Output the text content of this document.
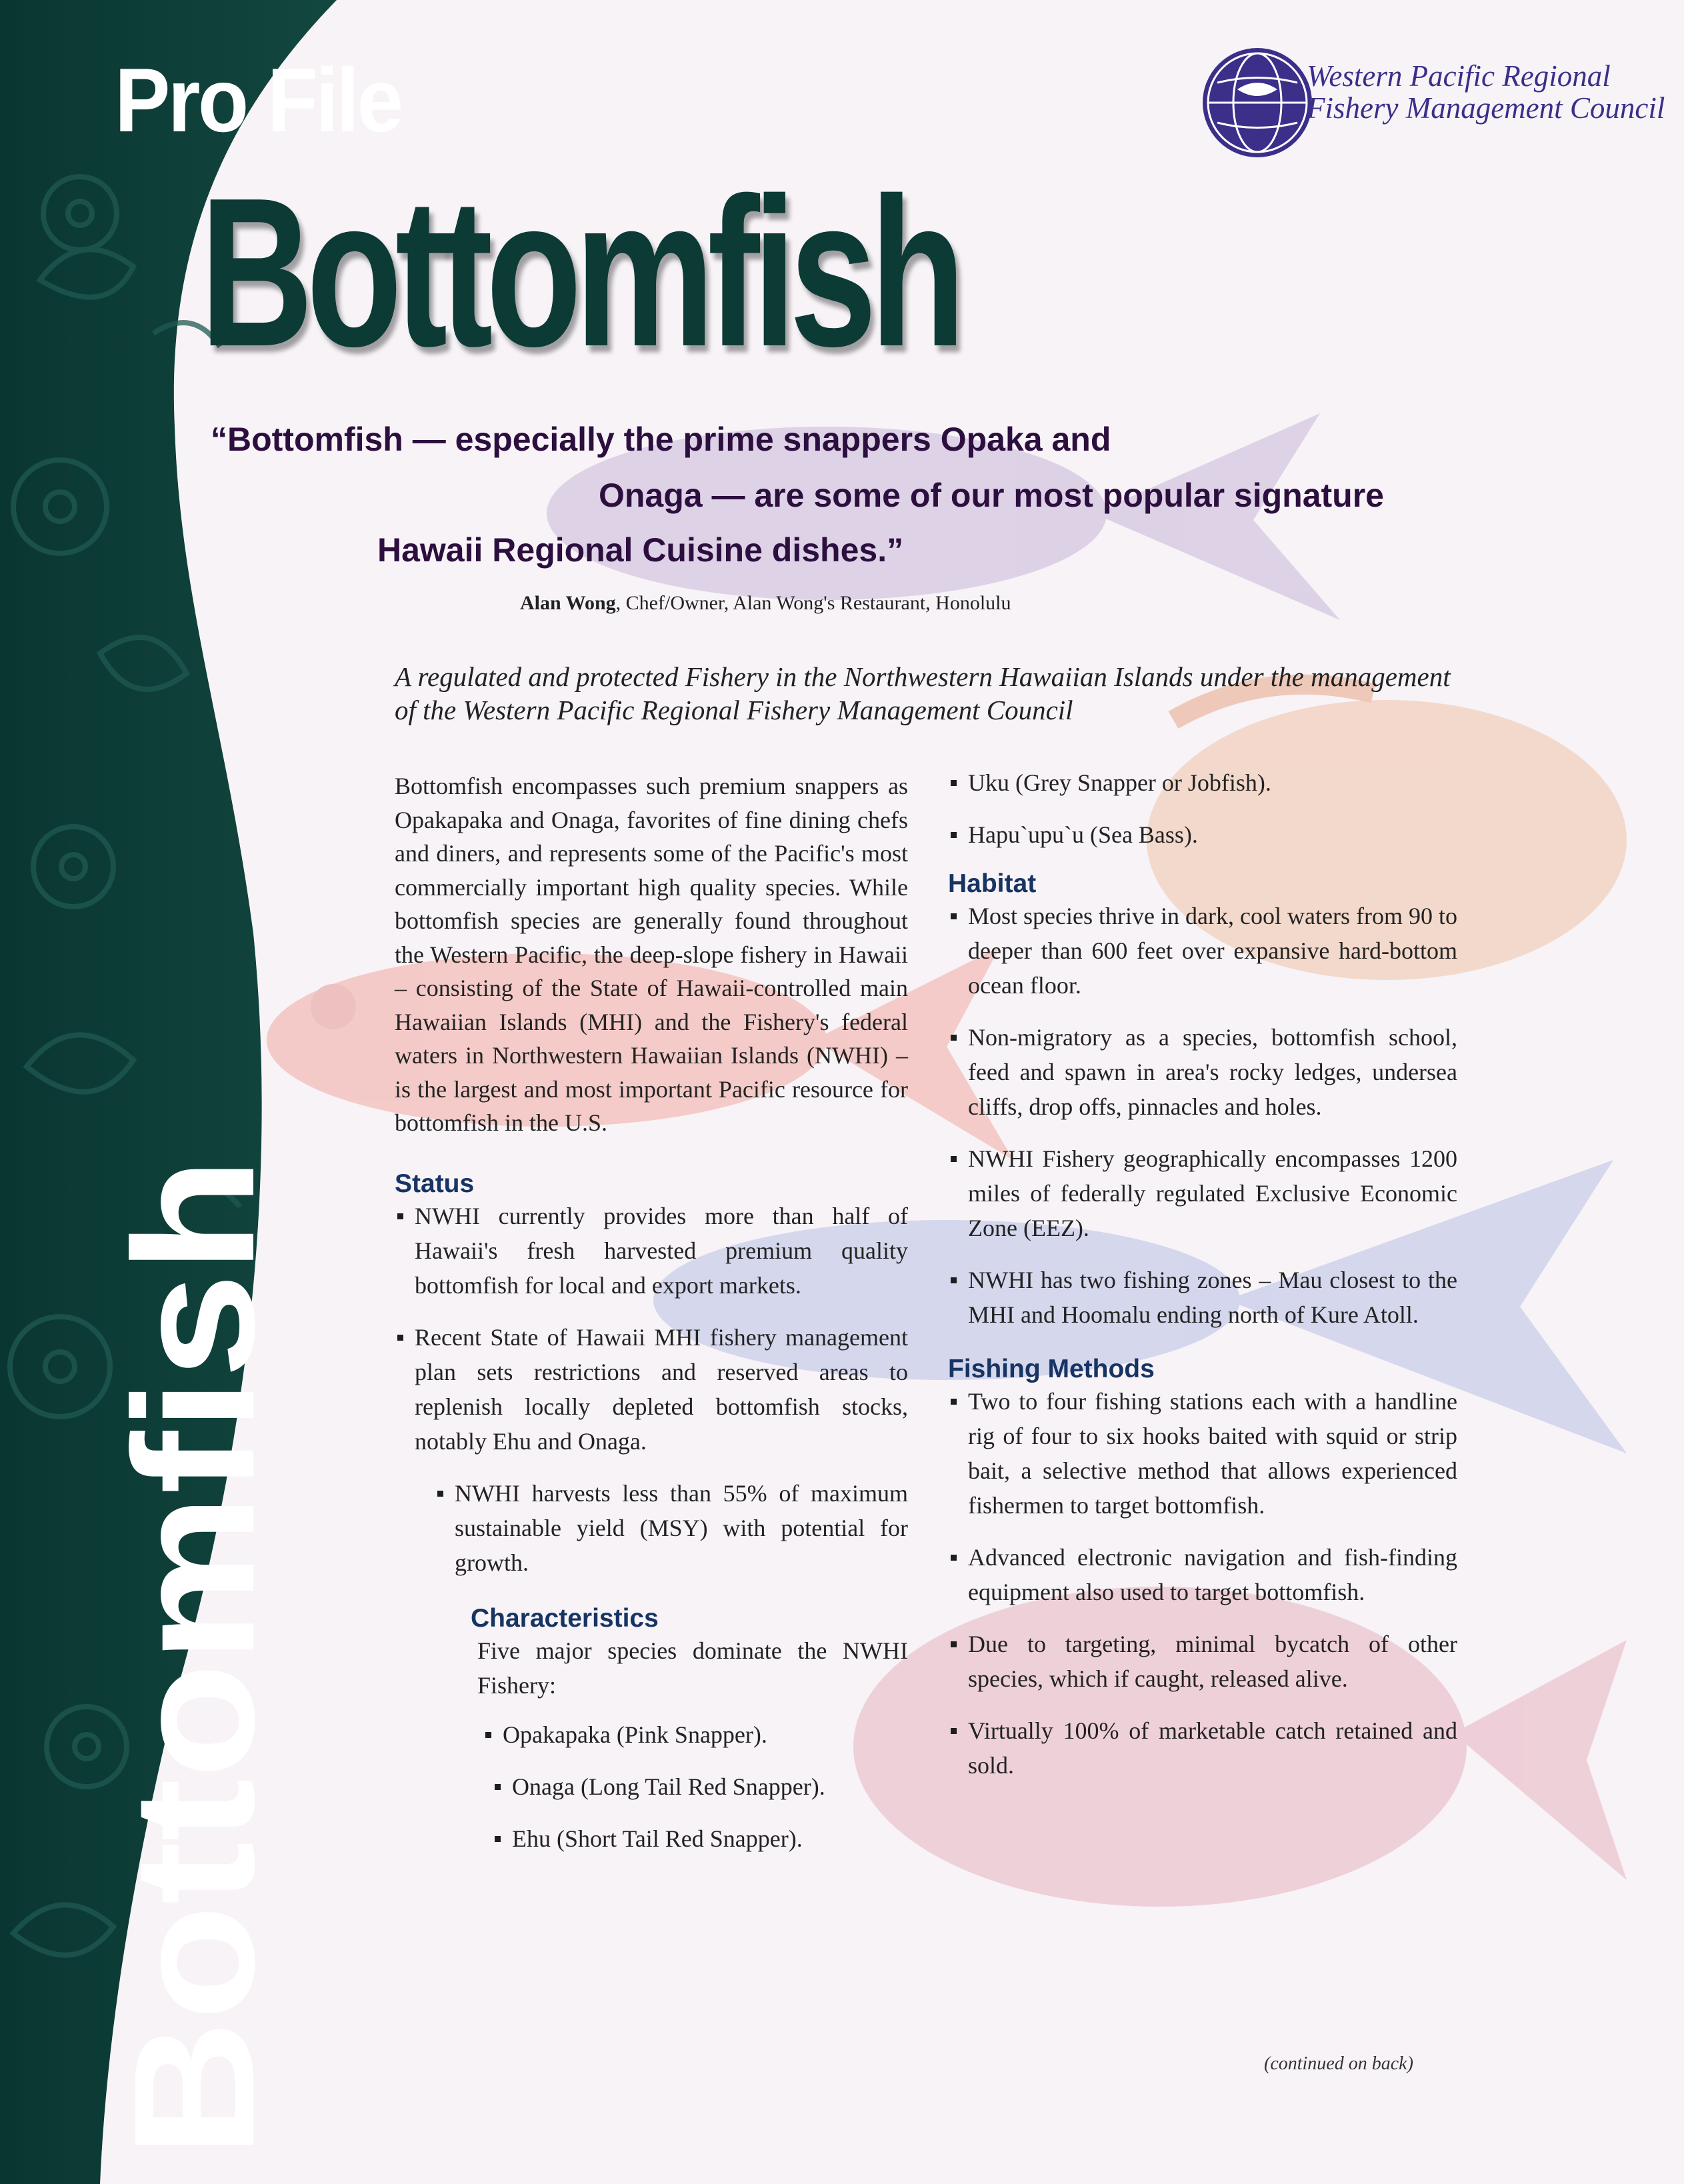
Bottomfish
Pro File
Bottomfish

Western Pacific Regional
Fishery Management Council

“Bottomfish — especially the prime snappers Opaka and

Onaga — are some of our most popular signature

Hawaii Regional Cuisine dishes.”

Alan Wong, Chef/Owner, Alan Wong's Restaurant, Honolulu

A regulated and protected Fishery in the Northwestern Hawaiian Islands under the management of the Western Pacific Regional Fishery Management Council

Bottomfish encompasses such premium snappers as Opakapaka and Onaga, favorites of fine dining chefs and diners, and represents some of the Pacific's most commercially important high quality species. While bottomfish species are generally found throughout the Western Pacific, the deep-slope fishery in Hawaii – consisting of the State of Hawaii-controlled main Hawaiian Islands (MHI) and the Fishery's federal waters in Northwestern Hawaiian Islands (NWHI) – is the largest and most important Pacific resource for bottomfish in the U.S.

Status
NWHI currently provides more than half of Hawaii's fresh harvested premium quality bottomfish for local and export markets.
Recent State of Hawaii MHI fishery management plan sets restrictions and reserved areas to replenish locally depleted bottomfish stocks, notably Ehu and Onaga.
NWHI harvests less than 55% of maximum sustainable yield (MSY) with potential for growth.
Characteristics

Five major species dominate the NWHI Fishery:

Opakapaka (Pink Snapper).
Onaga (Long Tail Red Snapper).
Ehu (Short Tail Red Snapper).
Uku (Grey Snapper or Jobfish).
Hapu`upu`u (Sea Bass).
Habitat
Most species thrive in dark, cool waters from 90 to deeper than 600 feet over expansive hard-bottom ocean floor.
Non-migratory as a species, bottomfish school, feed and spawn in area's rocky ledges, undersea cliffs, drop offs, pinnacles and holes.
NWHI Fishery geographically encompasses 1200 miles of federally regulated Exclusive Economic Zone (EEZ).
NWHI has two fishing zones – Mau closest to the MHI and Hoomalu ending north of Kure Atoll.
Fishing Methods
Two to four fishing stations each with a handline rig of four to six hooks baited with squid or strip bait, a selective method that allows experienced fishermen to target bottomfish.
Advanced electronic navigation and fish-finding equipment also used to target bottomfish.
Due to targeting, minimal bycatch of other species, which if caught, released alive.
Virtually 100% of marketable catch retained and sold.

(continued on back)
